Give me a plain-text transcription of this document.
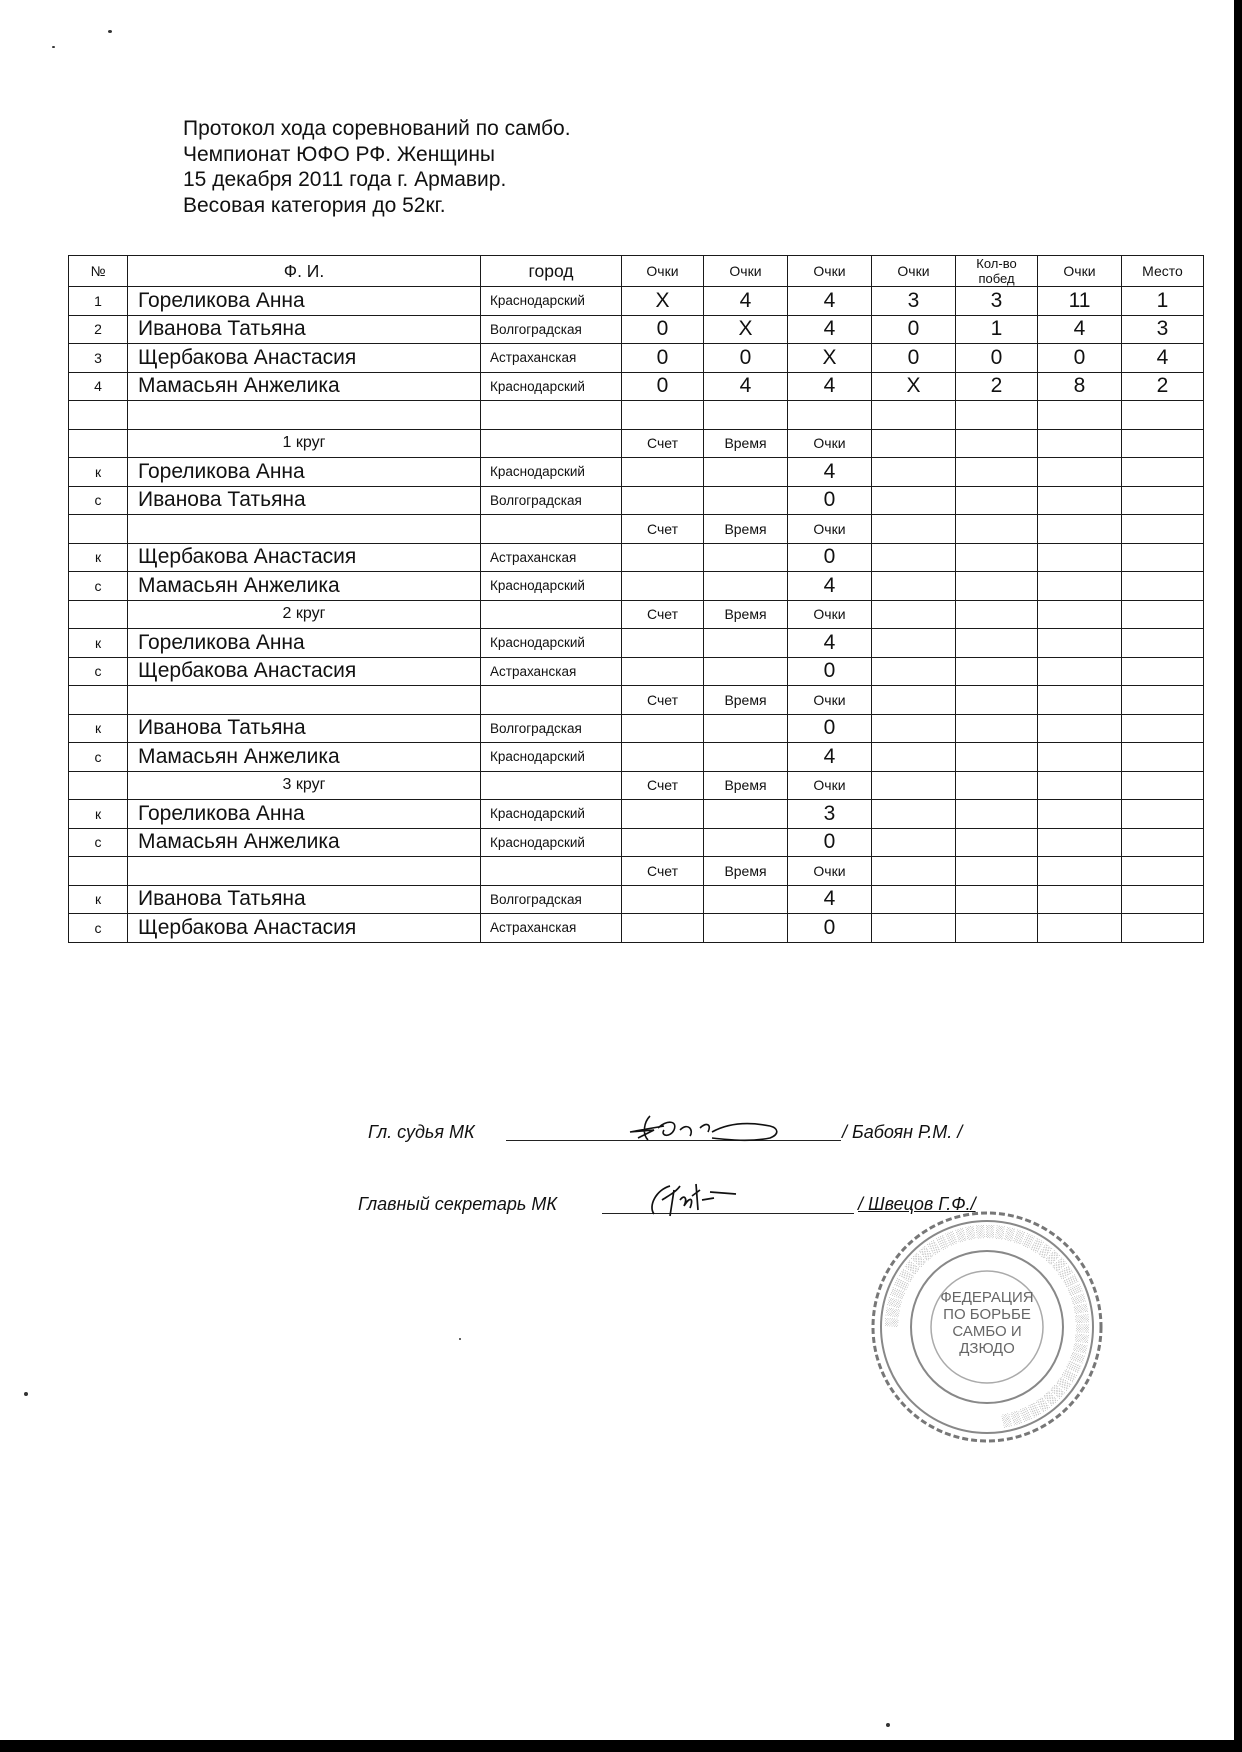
Протокол хода соревнований по самбо.
Чемпионат ЮФО РФ. Женщины
15 декабря 2011 года г. Армавир.
Весовая категория до 52кг.
№	Ф. И.	город	Очки	Очки	Очки	Очки	Кол-во
побед	Очки	Место
1	Гореликова Анна	Краснодарский	X	4	4	3	3	11	1
2	Иванова Татьяна	Волгоградская	0	X	4	0	1	4	3
3	Щербакова Анастасия	Астраханская	0	0	X	0	0	0	4
4	Мамасьян Анжелика	Краснодарский	0	4	4	X	2	8	2

	1 круг		Счет	Время	Очки				
к	Гореликова Анна	Краснодарский			4				
с	Иванова Татьяна	Волгоградская			0				
			Счет	Время	Очки				
к	Щербакова Анастасия	Астраханская			0				
с	Мамасьян Анжелика	Краснодарский			4				
	2 круг		Счет	Время	Очки				
к	Гореликова Анна	Краснодарский			4				
с	Щербакова Анастасия	Астраханская			0				
			Счет	Время	Очки				
к	Иванова Татьяна	Волгоградская			0				
с	Мамасьян Анжелика	Краснодарский			4				
	3 круг		Счет	Время	Очки				
к	Гореликова Анна	Краснодарский			3				
с	Мамасьян Анжелика	Краснодарский			0				
			Счет	Время	Очки				
к	Иванова Татьяна	Волгоградская			4				
с	Щербакова Анастасия	Астраханская			0				
Гл. судья МК	/ Бабоян Р.М. /
Главный секретарь МК	/ Швецов Г.Ф./
░░░░░░░░░░░░░░░░░░░░░░░░░░░░░░░░░░░░░░░░░░░░
ФЕДЕРАЦИЯ ПО БОРЬБЕ САМБО И ДЗЮДО
